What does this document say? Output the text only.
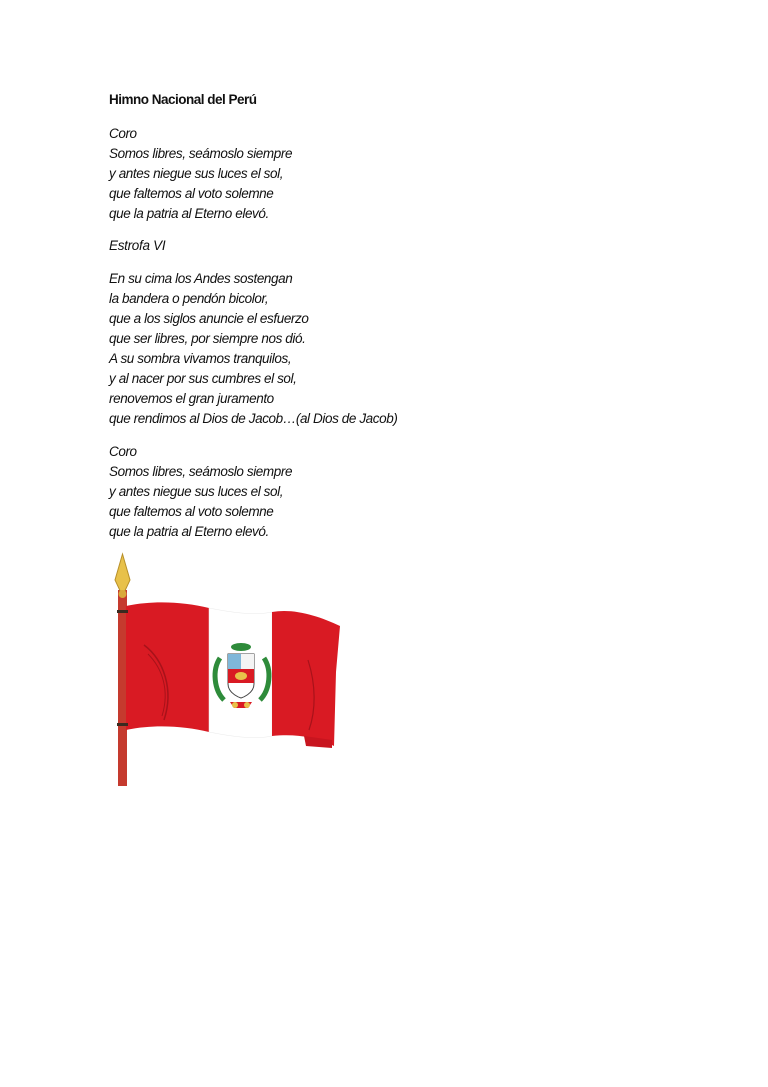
Himno Nacional del Perú
Coro
Somos libres, seámoslo siempre
y antes niegue sus luces el sol,
que faltemos al voto solemne
que la patria al Eterno elevó.
Estrofa VI
En su cima los Andes sostengan
la bandera o pendón bicolor,
que a los siglos anuncie el esfuerzo
que ser libres, por siempre nos dió.
A su sombra vivamos tranquilos,
y al nacer por sus cumbres el sol,
renovemos el gran juramento
que rendimos al Dios de Jacob…(al Dios de Jacob)
Coro
Somos libres, seámoslo siempre
y antes niegue sus luces el sol,
que faltemos al voto solemne
que la patria al Eterno elevó.
